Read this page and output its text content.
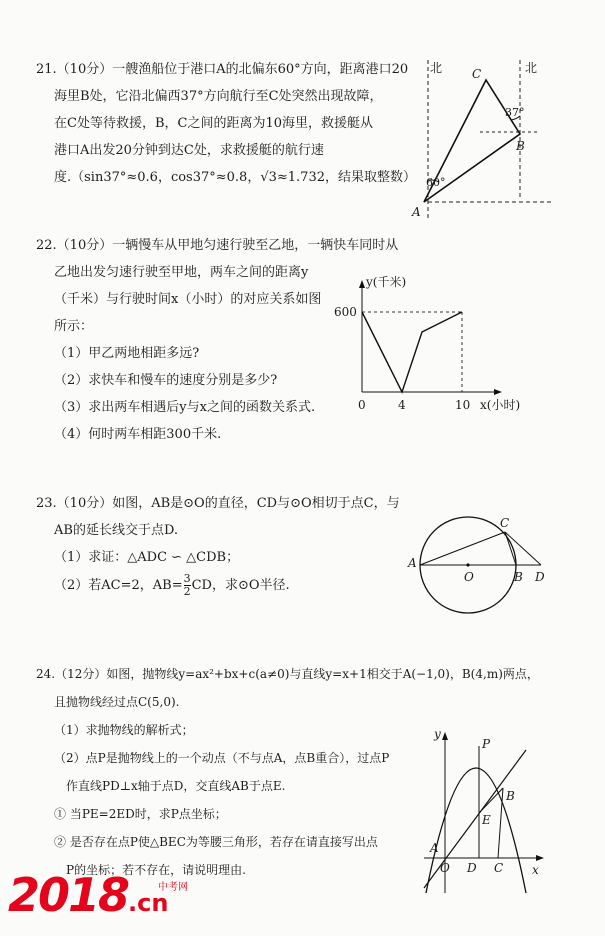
21.（10分）一艘渔船位于港口A的北偏东60°方向，距离港口20
海里B处，它沿北偏西37°方向航行至C处突然出现故障，
在C处等待救援，B，C之间的距离为10海里，救援艇从
港口A出发20分钟到达C处，求救援艇的航行速
度.（sin37°≈0.6，cos37°≈0.8，√3≈1.732，结果取整数）
北	北
C
B
A
37°
60°
22.（10分）一辆慢车从甲地匀速行驶至乙地，一辆快车同时从
乙地出发匀速行驶至甲地，两车之间的距离y
（千米）与行驶时间x（小时）的对应关系如图
所示：
（1）甲乙两地相距多远?
（2）求快车和慢车的速度分别是多少?
（3）求出两车相遇后y与x之间的函数关系式.
（4）何时两车相距300千米.
y(千米)
x(小时)
600
0	4	10
23.（10分）如图，AB是⊙O的直径，CD与⊙O相切于点C，与
AB的延长线交于点D.
（1）求证：△ADC ∽ △CDB；
（2）若AC=2，$AB= \frac{3}{2}$ CD，求⊙O半径.
A
O	B D
C
24.（12分）如图，抛物线y=ax²+bx+c(a≠0)与直线y=x+1相交于A(−1,0)，B(4,m)两点，
且抛物线经过点C(5,0).
（1）求抛物线的解析式；
（2）点P是抛物线上的一个动点（不与点A，点B重合），过点P
作直线PD⊥x轴于点D，交直线AB于点E.
① 当PE=2ED时，求P点坐标；
② 是否存在点P使△BEC为等腰三角形，若存在请直接写出点
P的坐标；若不存在，请说明理由.
y
x
P
B
E
A
O D C
2018.cn
中考网
